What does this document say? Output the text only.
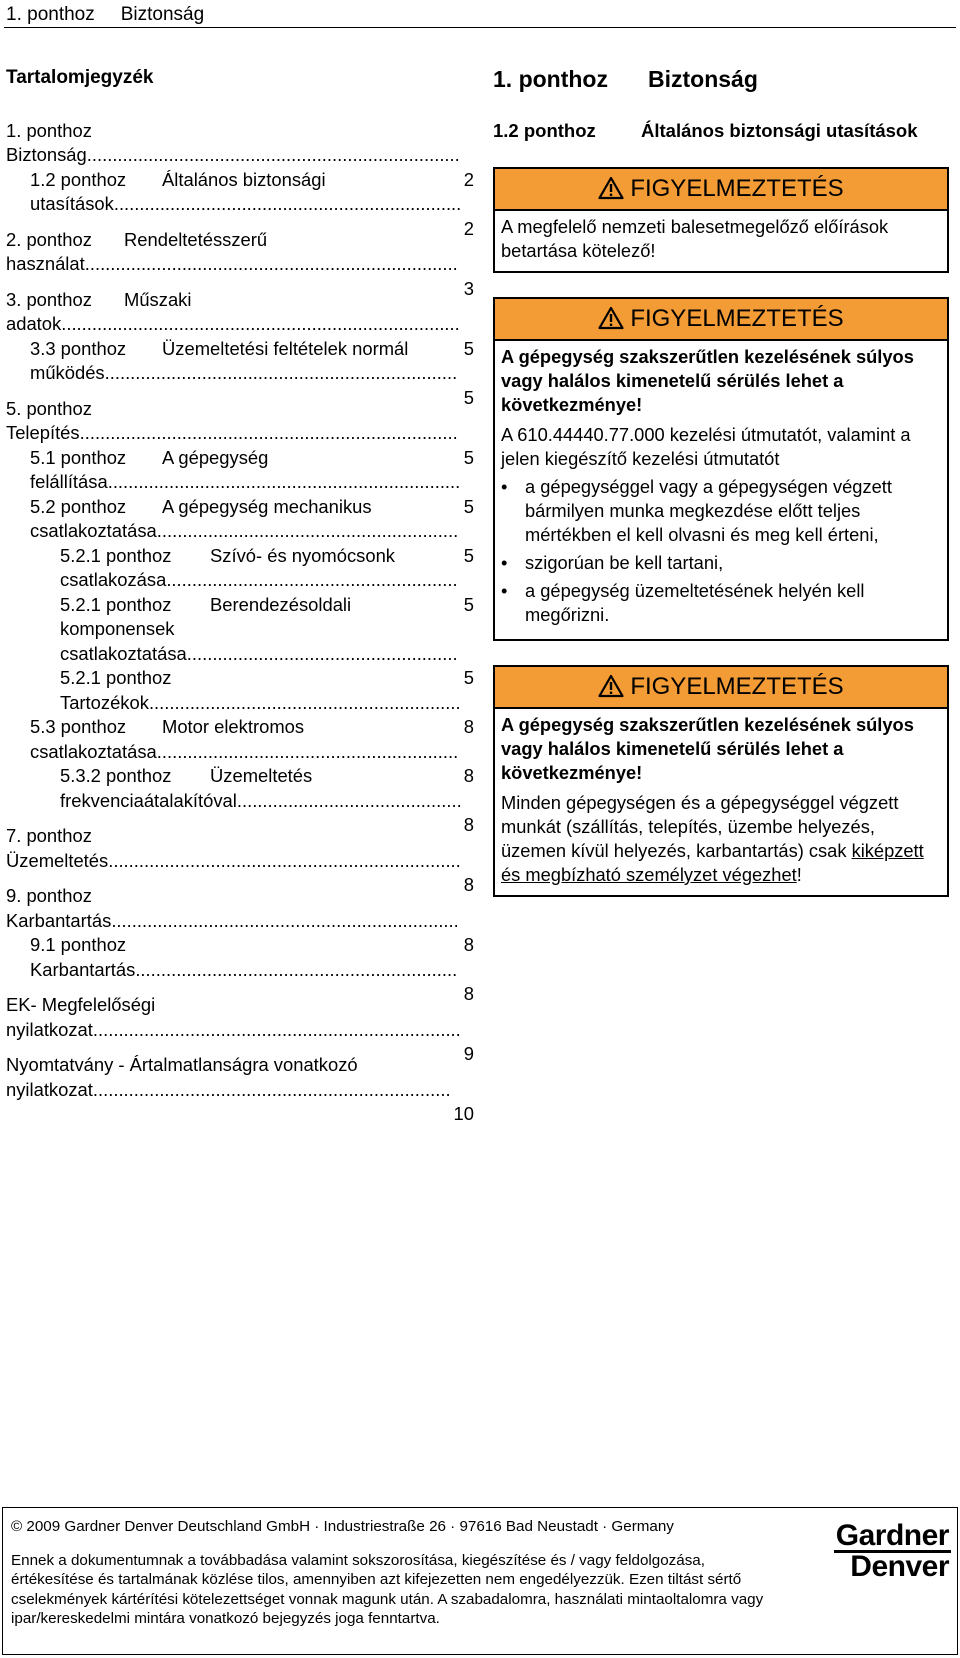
1. ponthoz Biztonság
Tartalomjegyzék
1. ponthozBiztonság.........................................................................
2
1.2 ponthoz Általános biztonsági utasítások....................................................................
2
2. ponthoz Rendeltetésszerű használat.........................................................................
3
3. ponthoz Műszaki adatok..............................................................................
5
3.3 ponthoz Üzemeltetési feltételek normál működés.....................................................................
5
5. ponthozTelepítés..........................................................................
5
5.1 ponthoz A gépegység felállítása.....................................................................
5
5.2 ponthoz A gépegység mechanikus csatlakoztatása...........................................................
5
5.2.1 ponthoz Szívó- és nyomócsonk csatlakozása.........................................................
5
5.2.1 ponthoz Berendezésoldali komponensek csatlakoztatása.....................................................
5
5.2.1 ponthozTartozékok.............................................................
8
5.3 ponthoz Motor elektromos csatlakoztatása...........................................................
8
5.3.2 ponthoz Üzemeltetés frekvenciaátalakítóval............................................
8
7. ponthozÜzemeltetés.....................................................................
8
9. ponthozKarbantartás....................................................................
8
9.1 ponthozKarbantartás...............................................................
8
EK- Megfelelőségi nyilatkozat........................................................................
9
Nyomtatvány - Ártalmatlanságra vonatkozó nyilatkozat......................................................................
10
1. ponthoz Biztonság
1.2 ponthoz	Általános biztonsági utasítások
FIGYELMEZTETÉS
A megfelelő nemzeti balesetmegelőző előírások betartása kötelező!
FIGYELMEZTETÉS
A gépegység szakszerűtlen kezelésének súlyos vagy halálos kimenetelű sérülés lehet a következménye!
A 610.44440.77.000 kezelési útmutatót, valamint a jelen kiegészítő kezelési útmutatót
• a gépegységgel vagy a gépegységen végzett bármilyen munka megkezdése előtt teljes mértékben el kell olvasni és meg kell érteni,
• szigorúan be kell tartani,
• a gépegység üzemeltetésének helyén kell megőrizni.
FIGYELMEZTETÉS
A gépegység szakszerűtlen kezelésének súlyos vagy halálos kimenetelű sérülés lehet a következménye!
Minden gépegységen és a gépegységgel végzett munkát (szállítás, telepítés, üzembe helyezés, üzemen kívül helyezés, karbantartás) csak kiképzett és megbízható személyzet végezhet!
© 2009 Gardner Denver Deutschland GmbH · Industriestraße 26 · 97616 Bad Neustadt · Germany
Ennek a dokumentumnak a továbbadása valamint sokszorosítása, kiegészítése és / vagy feldolgozása, értékesítése és tartalmának közlése tilos, amennyiben azt kifejezetten nem engedélyezzük. Ezen tiltást sértő cselekmények kártérítési kötelezettséget vonnak magunk után. A szabadalomra, használati mintaoltalomra vagy ipar/kereskedelmi mintára vonatkozó bejegyzés joga fenntartva.
Gardner
Denver
